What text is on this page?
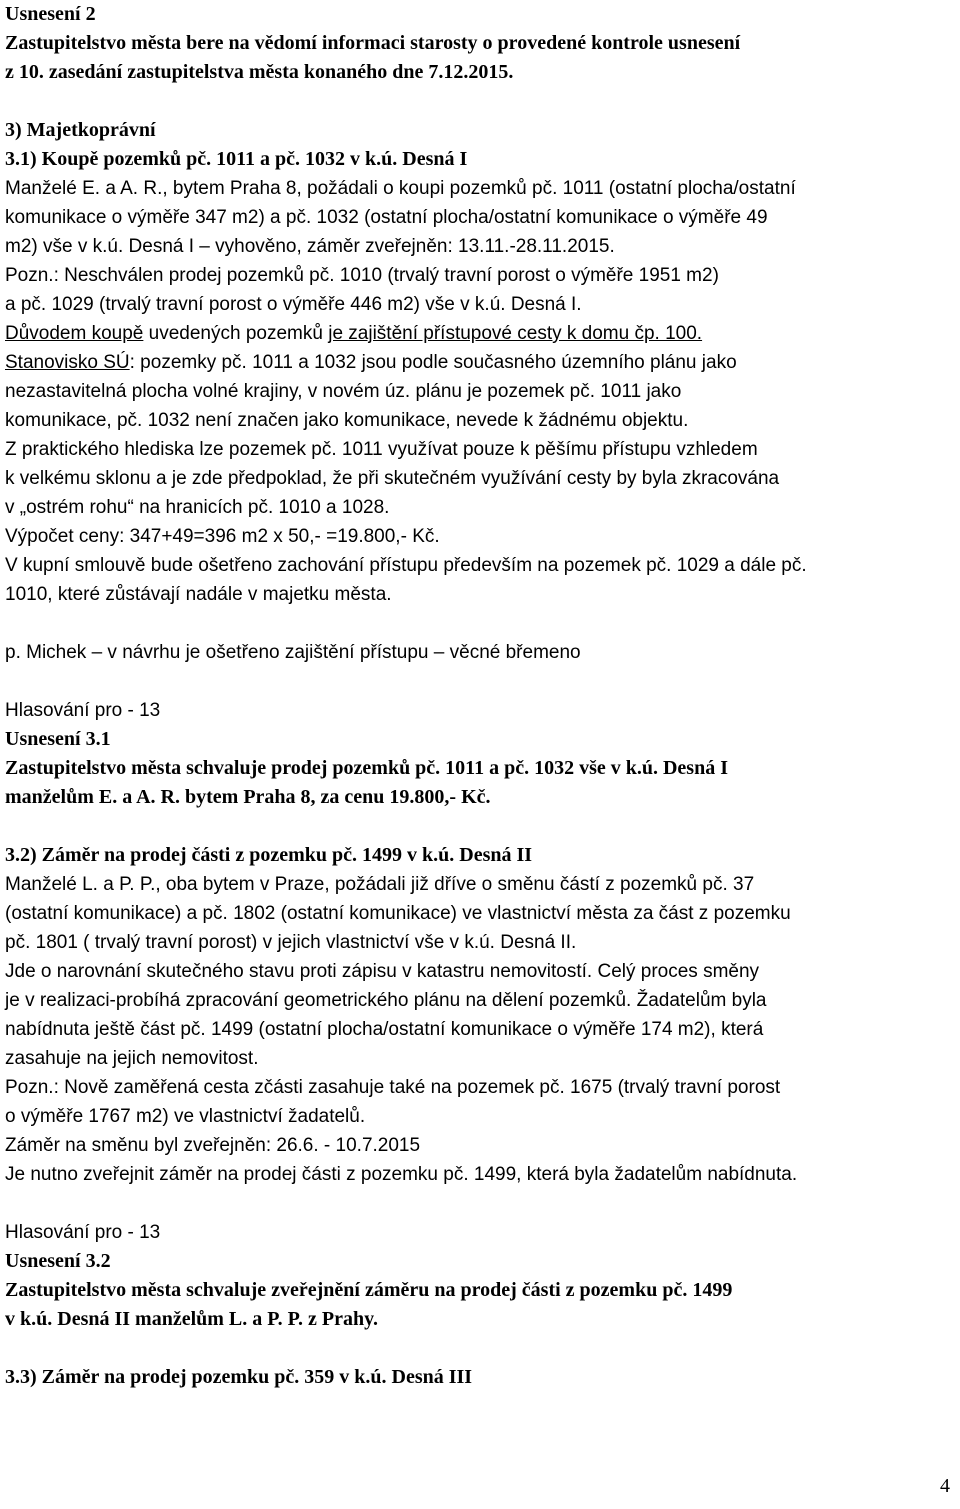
Usnesení 2
Zastupitelstvo města bere na vědomí informaci starosty o provedené kontrole usnesení
z 10. zasedání zastupitelstva města konaného dne 7.12.2015.
3) Majetkoprávní
3.1) Koupě pozemků pč. 1011 a pč. 1032 v k.ú. Desná I
Manželé E. a A. R., bytem Praha 8, požádali o koupi pozemků pč. 1011 (ostatní plocha/ostatní
komunikace o výměře 347 m2) a pč. 1032 (ostatní plocha/ostatní komunikace o výměře 49
m2) vše v k.ú. Desná I – vyhověno, záměr zveřejněn: 13.11.-28.11.2015.
Pozn.: Neschválen prodej pozemků pč. 1010 (trvalý travní porost o výměře 1951 m2)
a pč. 1029 (trvalý travní porost o výměře 446 m2) vše v k.ú. Desná I.
Důvodem koupě uvedených pozemků je zajištění přístupové cesty k domu čp. 100.
Stanovisko SÚ: pozemky pč. 1011 a 1032 jsou podle současného územního plánu jako
nezastavitelná plocha volné krajiny, v novém úz. plánu je pozemek pč. 1011 jako
komunikace, pč. 1032 není značen jako komunikace, nevede k žádnému objektu.
Z praktického hlediska lze pozemek pč. 1011 využívat pouze k pěšímu přístupu vzhledem
k velkému sklonu a je zde předpoklad, že při skutečném využívání cesty by byla zkracována
v „ostrém rohu“ na hranicích pč. 1010 a 1028.
Výpočet ceny: 347+49=396 m2 x 50,- =19.800,- Kč.
V kupní smlouvě bude ošetřeno zachování přístupu především na pozemek pč. 1029 a dále pč.
1010, které zůstávají nadále v majetku města.
p. Michek – v návrhu je ošetřeno zajištění přístupu – věcné břemeno
Hlasování pro - 13
Usnesení 3.1
Zastupitelstvo města schvaluje prodej pozemků pč. 1011 a pč. 1032 vše v k.ú. Desná I
manželům E. a A. R. bytem Praha 8, za cenu 19.800,- Kč.
3.2) Záměr na prodej části z pozemku pč. 1499 v k.ú. Desná II
Manželé L. a P. P., oba bytem v Praze, požádali již dříve o směnu částí z pozemků pč. 37
(ostatní komunikace) a pč. 1802 (ostatní komunikace) ve vlastnictví města za část z pozemku
pč. 1801 ( trvalý travní porost) v jejich vlastnictví vše v k.ú. Desná II.
Jde o narovnání skutečného stavu proti zápisu v katastru nemovitostí. Celý proces směny
je v realizaci-probíhá zpracování geometrického plánu na dělení pozemků. Žadatelům byla
nabídnuta ještě část pč. 1499 (ostatní plocha/ostatní komunikace o výměře 174 m2), která
zasahuje na jejich nemovitost.
Pozn.: Nově zaměřená cesta zčásti zasahuje také na pozemek pč. 1675 (trvalý travní porost
o výměře 1767 m2) ve vlastnictví žadatelů.
Záměr na směnu byl zveřejněn: 26.6. - 10.7.2015
Je nutno zveřejnit záměr na prodej části z pozemku pč. 1499, která byla žadatelům nabídnuta.
Hlasování pro - 13
Usnesení 3.2
Zastupitelstvo města schvaluje zveřejnění záměru na prodej části z pozemku pč. 1499
v k.ú. Desná II manželům L. a P. P. z Prahy.
3.3) Záměr na prodej pozemku pč. 359 v k.ú. Desná III
4
